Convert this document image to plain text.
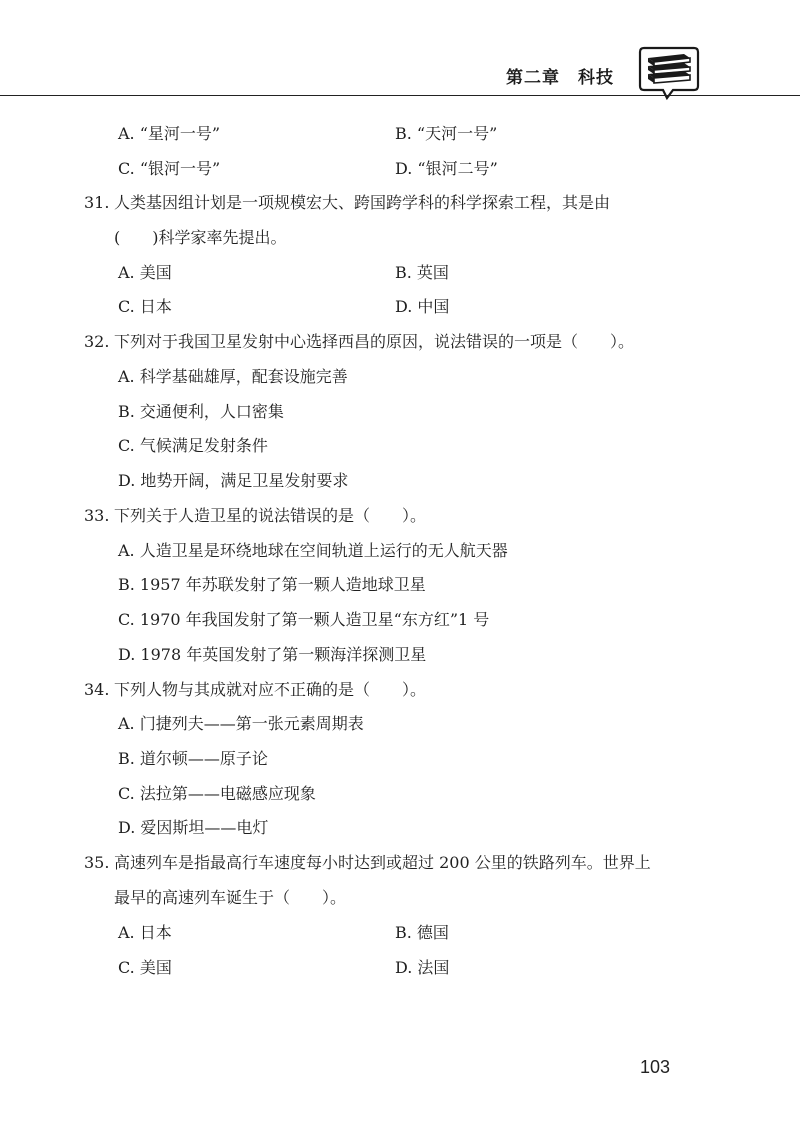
第二章　科技
A. “星河一号”	B. “天河一号”
C. “银河一号”	D. “银河二号”
31. 人类基因组计划是一项规模宏大、跨国跨学科的科学探索工程，其是由
(　　)科学家率先提出。
A. 美国	B. 英国
C. 日本	D. 中国
32. 下列对于我国卫星发射中心选择西昌的原因，说法错误的一项是（　　）。
A. 科学基础雄厚，配套设施完善
B. 交通便利，人口密集
C. 气候满足发射条件
D. 地势开阔，满足卫星发射要求
33. 下列关于人造卫星的说法错误的是（　　）。
A. 人造卫星是环绕地球在空间轨道上运行的无人航天器
B. 1957 年苏联发射了第一颗人造地球卫星
C. 1970 年我国发射了第一颗人造卫星“东方红”1 号
D. 1978 年英国发射了第一颗海洋探测卫星
34. 下列人物与其成就对应不正确的是（　　）。
A. 门捷列夫——第一张元素周期表
B. 道尔顿——原子论
C. 法拉第——电磁感应现象
D. 爱因斯坦——电灯
35. 高速列车是指最高行车速度每小时达到或超过 200 公里的铁路列车。世界上
最早的高速列车诞生于（　　）。
A. 日本	B. 德国
C. 美国	D. 法国
103
